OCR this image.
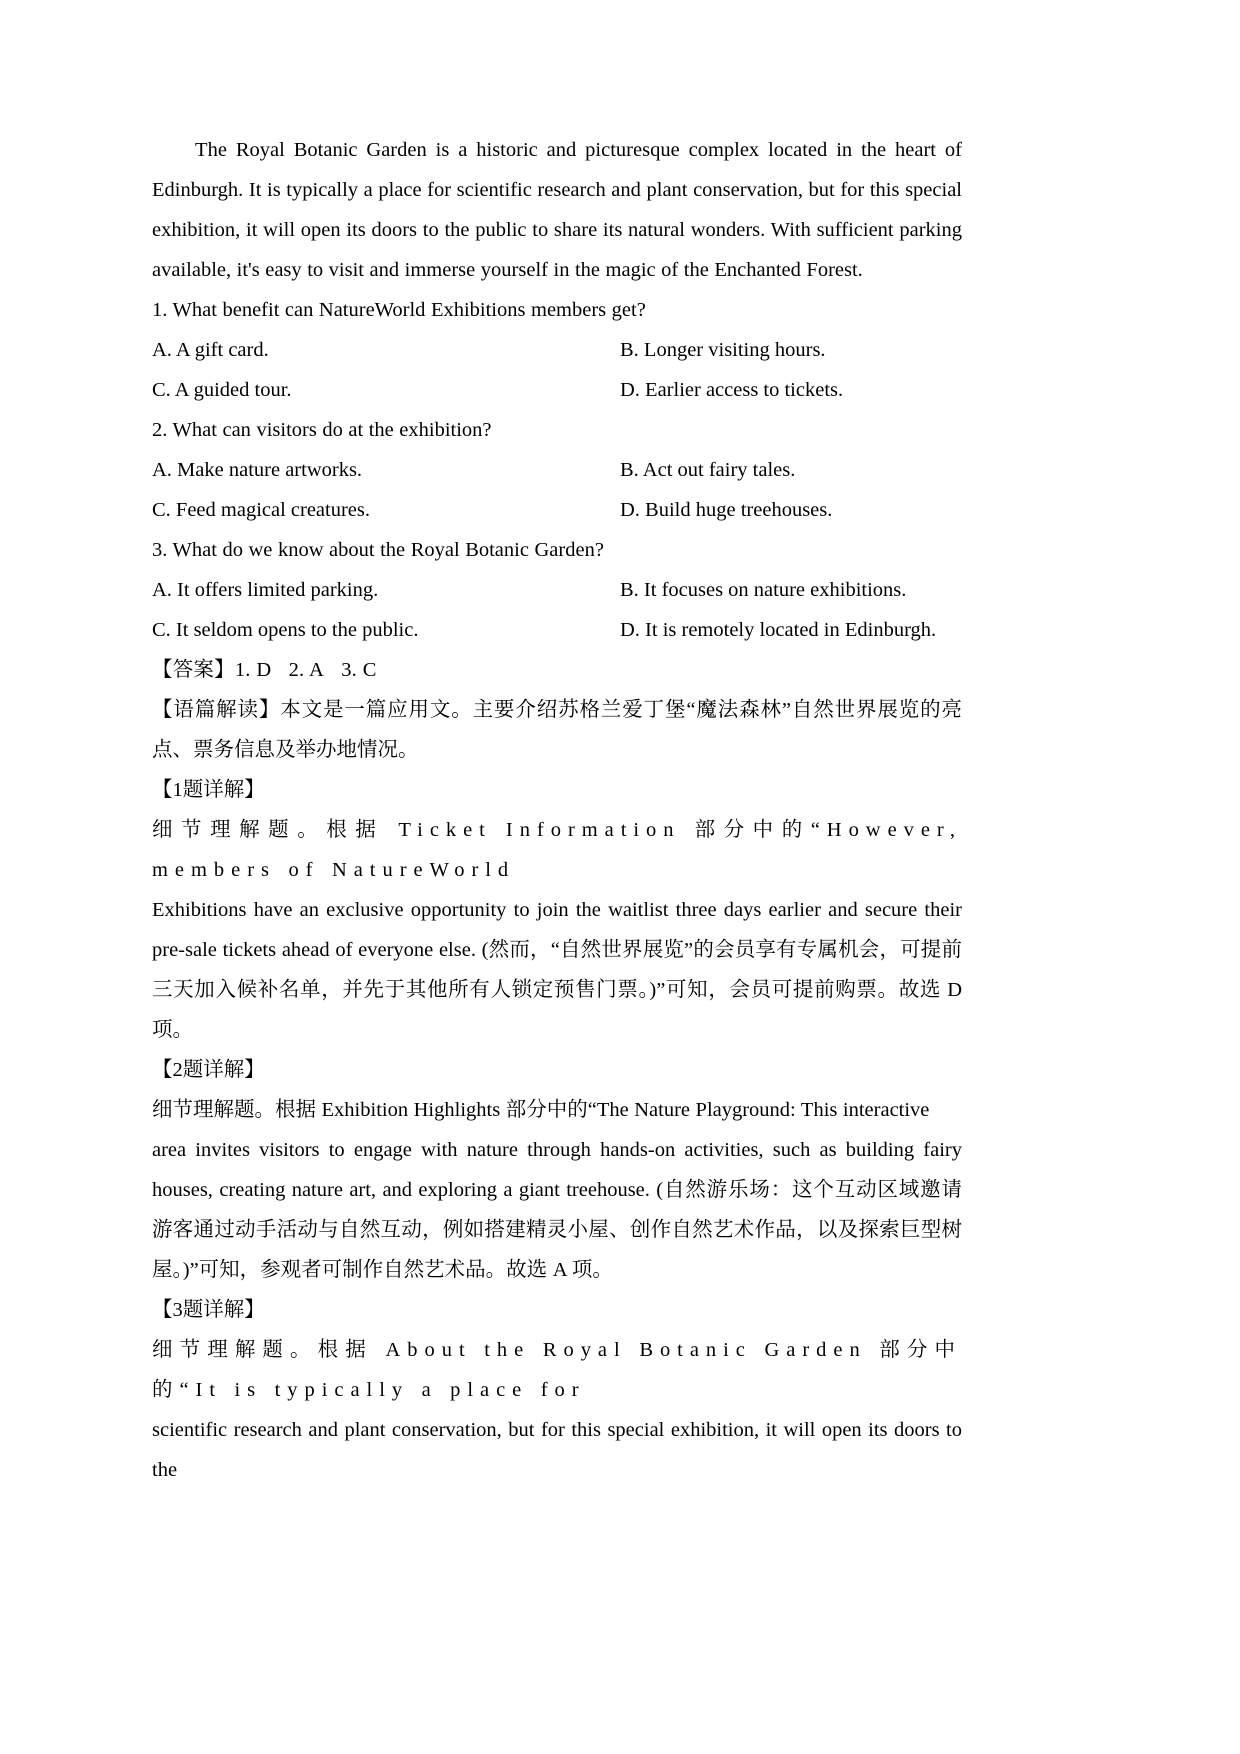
The Royal Botanic Garden is a historic and picturesque complex located in the heart of Edinburgh. It is typically a place for scientific research and plant conservation, but for this special exhibition, it will open its doors to the public to share its natural wonders. With sufficient parking available, it's easy to visit and immerse yourself in the magic of the Enchanted Forest.

1. What benefit can NatureWorld Exhibitions members get?

A. A gift card.	B. Longer visiting hours.
C. A guided tour.	D. Earlier access to tickets.

2. What can visitors do at the exhibition?

A. Make nature artworks.	B. Act out fairy tales.
C. Feed magical creatures.	D. Build huge treehouses.

3. What do we know about the Royal Botanic Garden?

A. It offers limited parking.	B. It focuses on nature exhibitions.
C. It seldom opens to the public.	D. It is remotely located in Edinburgh.

【答案】1. D   2. A   3. C

【语篇解读】本文是一篇应用文。主要介绍苏格兰爱丁堡“魔法森林”自然世界展览的亮点、票务信息及举办地情况。

【1题详解】

细节理解题。根据 Ticket Information 部分中的“However, members of NatureWorld

Exhibitions have an exclusive opportunity to join the waitlist three days earlier and secure their pre-sale tickets ahead of everyone else. (然而，“自然世界展览”的会员享有专属机会，可提前三天加入候补名单，并先于其他所有人锁定预售门票。)”可知，会员可提前购票。故选 D 项。

【2题详解】

细节理解题。根据 Exhibition Highlights 部分中的“The Nature Playground: This interactive

area invites visitors to engage with nature through hands-on activities, such as building fairy houses, creating nature art, and exploring a giant treehouse. (自然游乐场：这个互动区域邀请游客通过动手活动与自然互动，例如搭建精灵小屋、创作自然艺术作品，以及探索巨型树屋。)”可知，参观者可制作自然艺术品。故选 A 项。

【3题详解】

细节理解题。根据 About the Royal Botanic Garden 部分中的“It is typically a place for

scientific research and plant conservation, but for this special exhibition, it will open its doors to the
